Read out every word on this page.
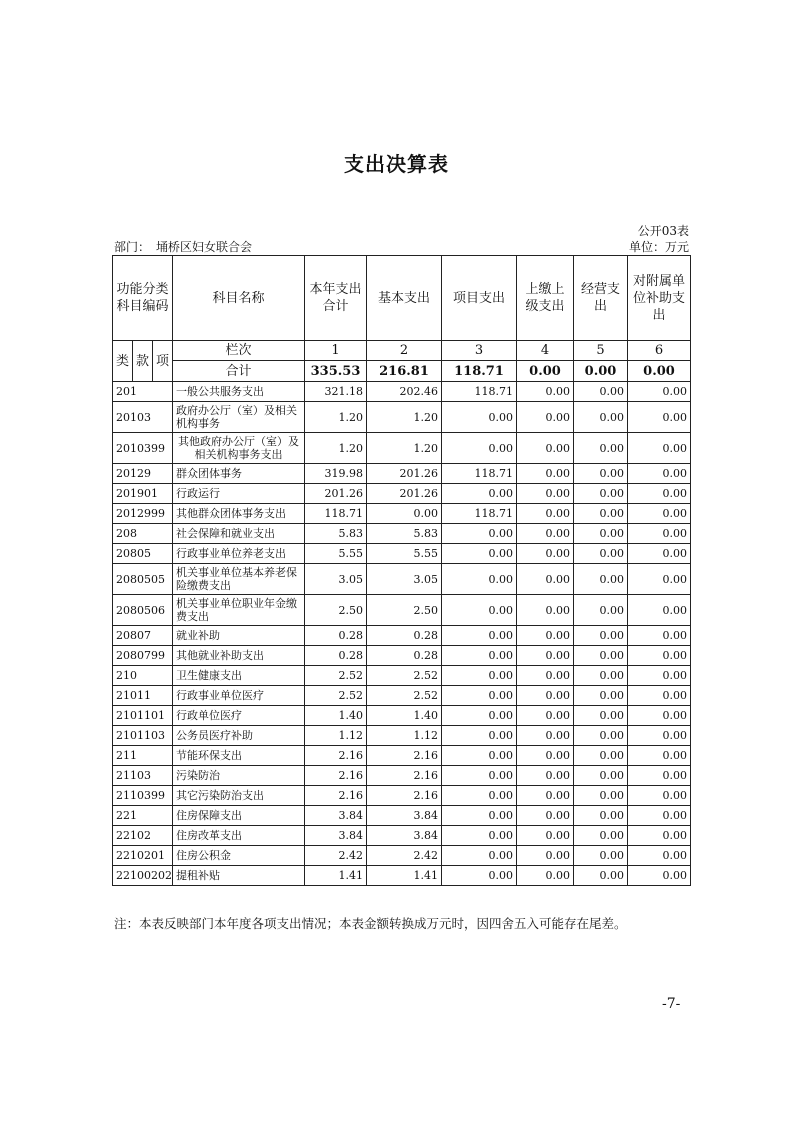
支出决算表
公开03表
部门：　埇桥区妇女联合会	单位：万元
功能分类科目编码			科目名称	本年支出合计	基本支出	项目支出	上缴上级支出	经营支出	对附属单位补助支出
类	款	项	栏次	1	2	3	4	5	6
			合计	335.53	216.81	118.71	0.00	0.00	0.00
201			一般公共服务支出	321.18	202.46	118.71	0.00	0.00	0.00
20103			政府办公厅（室）及相关机构事务	1.20	1.20	0.00	0.00	0.00	0.00
2010399			其他政府办公厅（室）及相关机构事务支出	1.20	1.20	0.00	0.00	0.00	0.00
20129			群众团体事务	319.98	201.26	118.71	0.00	0.00	0.00
201901			行政运行	201.26	201.26	0.00	0.00	0.00	0.00
2012999			其他群众团体事务支出	118.71	0.00	118.71	0.00	0.00	0.00
208			社会保障和就业支出	5.83	5.83	0.00	0.00	0.00	0.00
20805			行政事业单位养老支出	5.55	5.55	0.00	0.00	0.00	0.00
2080505			机关事业单位基本养老保险缴费支出	3.05	3.05	0.00	0.00	0.00	0.00
2080506			机关事业单位职业年金缴费支出	2.50	2.50	0.00	0.00	0.00	0.00
20807			就业补助	0.28	0.28	0.00	0.00	0.00	0.00
2080799			其他就业补助支出	0.28	0.28	0.00	0.00	0.00	0.00
210			卫生健康支出	2.52	2.52	0.00	0.00	0.00	0.00
21011			行政事业单位医疗	2.52	2.52	0.00	0.00	0.00	0.00
2101101			行政单位医疗	1.40	1.40	0.00	0.00	0.00	0.00
2101103			公务员医疗补助	1.12	1.12	0.00	0.00	0.00	0.00
211			节能环保支出	2.16	2.16	0.00	0.00	0.00	0.00
21103			污染防治	2.16	2.16	0.00	0.00	0.00	0.00
2110399			其它污染防治支出	2.16	2.16	0.00	0.00	0.00	0.00
221			住房保障支出	3.84	3.84	0.00	0.00	0.00	0.00
22102			住房改革支出	3.84	3.84	0.00	0.00	0.00	0.00
2210201			住房公积金	2.42	2.42	0.00	0.00	0.00	0.00
22100202			提租补贴	1.41	1.41	0.00	0.00	0.00	0.00
注：本表反映部门本年度各项支出情况；本表金额转换成万元时，因四舍五入可能存在尾差。
-7-
